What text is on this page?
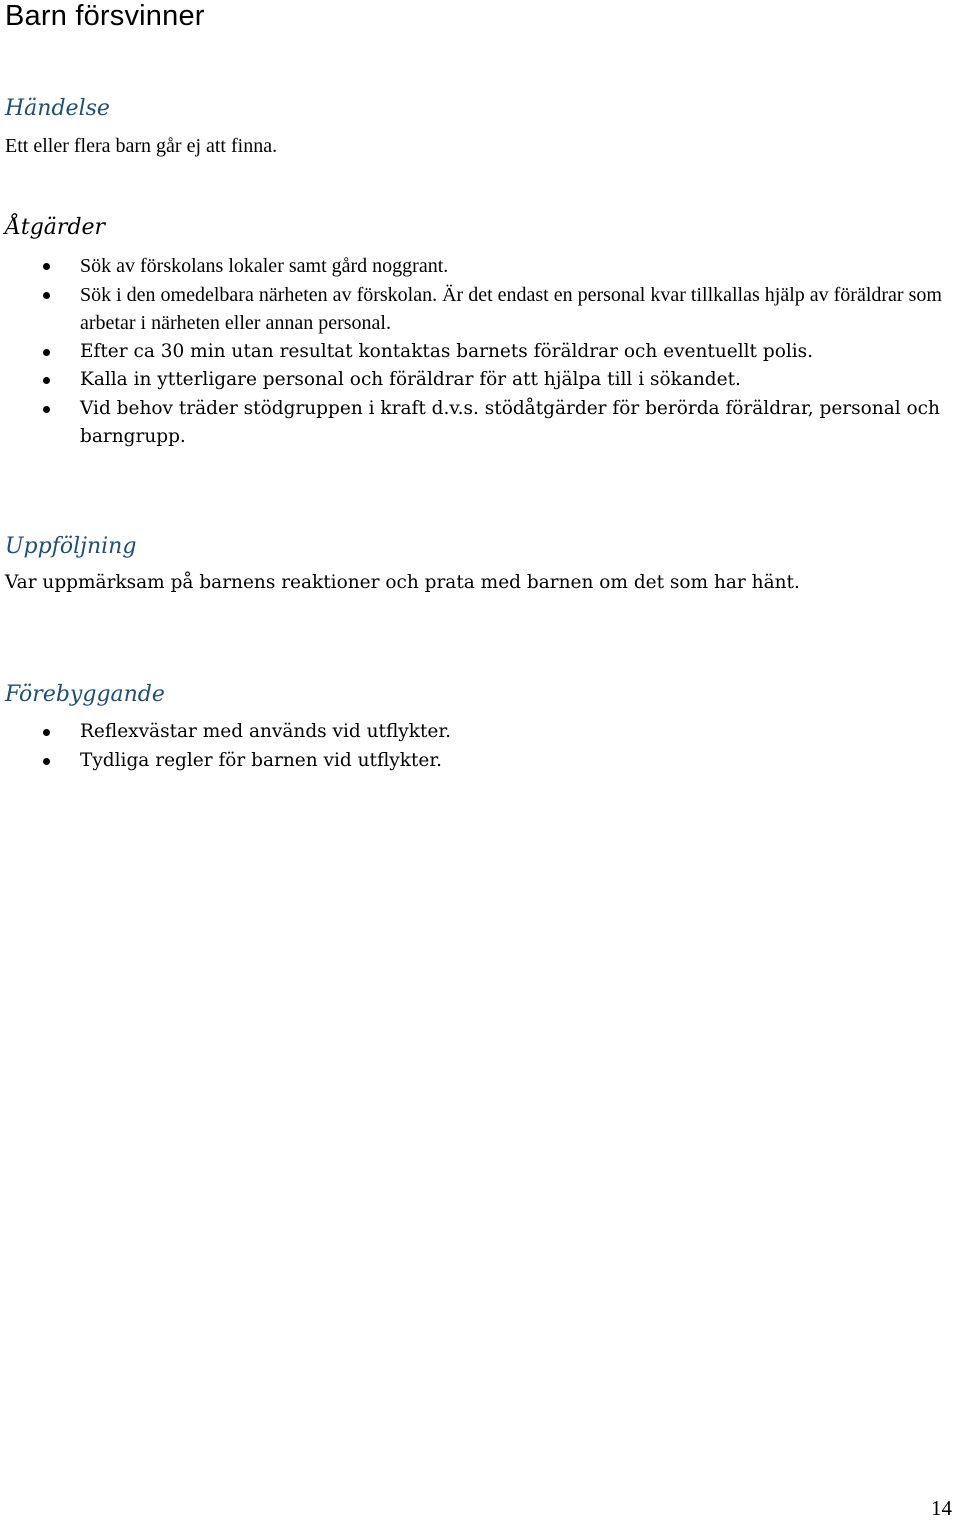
Barn försvinner
Händelse

Ett eller flera barn går ej att finna.

Åtgärder
Sök av förskolans lokaler samt gård noggrant.
Sök i den omedelbara närheten av förskolan. Är det endast en personal kvar tillkallas hjälp av föräldrar som arbetar i närheten eller annan personal.
Efter ca 30 min utan resultat kontaktas barnets föräldrar och eventuellt polis.
Kalla in ytterligare personal och föräldrar för att hjälpa till i sökandet.
Vid behov träder stödgruppen i kraft d.v.s. stödåtgärder för berörda föräldrar, personal och barngrupp.
Uppföljning

Var uppmärksam på barnens reaktioner och prata med barnen om det som har hänt.

Förebyggande
Reflexvästar med används vid utflykter.
Tydliga regler för barnen vid utflykter.
14
